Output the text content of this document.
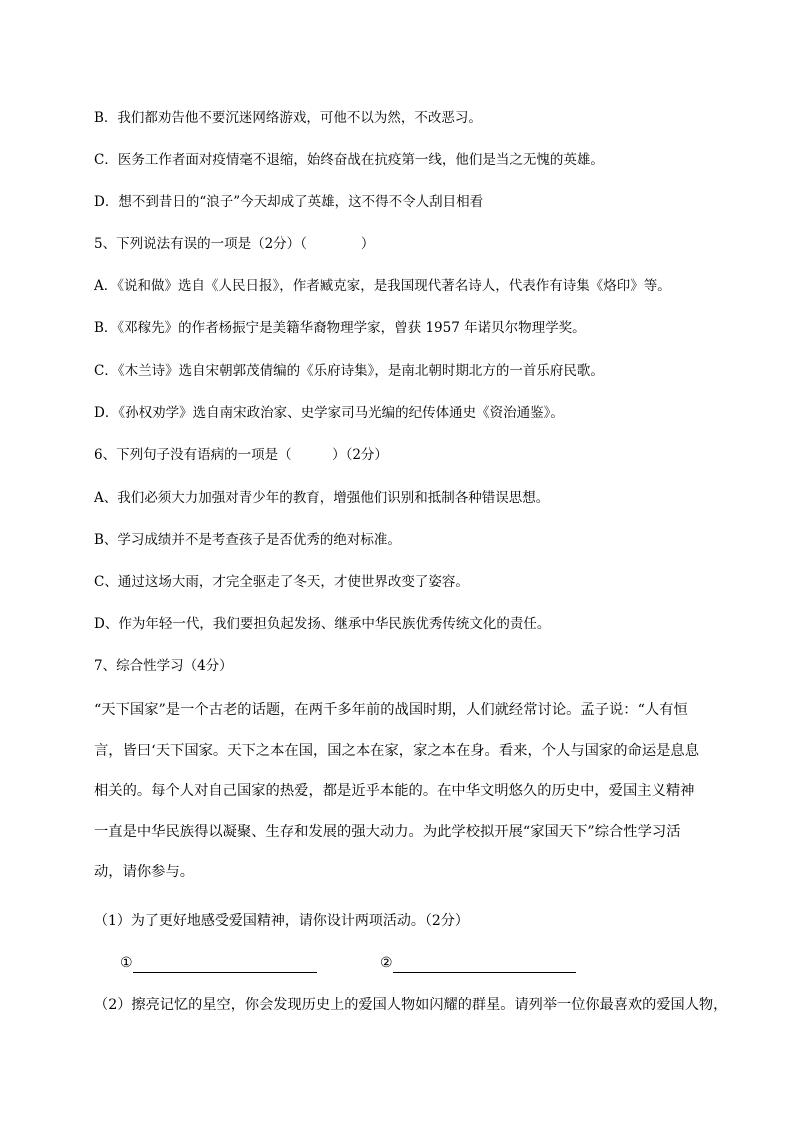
B．我们都劝告他不要沉迷网络游戏，可他不以为然，不改恶习。
C．医务工作者面对疫情毫不退缩，始终奋战在抗疫第一线，他们是当之无愧的英雄。
D．想不到昔日的“浪子”今天却成了英雄，这不得不令人刮目相看
5、下列说法有误的一项是（2分）（　　　　）
A．《说和做》选自《人民日报》，作者臧克家，是我国现代著名诗人，代表作有诗集《烙印》等。
B．《邓稼先》的作者杨振宁是美籍华裔物理学家，曾获 1957 年诺贝尔物理学奖。
C．《木兰诗》选自宋朝郭茂倩编的《乐府诗集》，是南北朝时期北方的一首乐府民歌。
D．《孙权劝学》选自南宋政治家、史学家司马光编的纪传体通史《资治通鉴》。
6、下列句子没有语病的一项是（　　　）（2分）
A、我们必须大力加强对青少年的教育，增强他们识别和抵制各种错误思想。
B、学习成绩并不是考查孩子是否优秀的绝对标准。
C、通过这场大雨，才完全驱走了冬天，才使世界改变了姿容。
D、作为年轻一代，我们要担负起发扬、继承中华民族优秀传统文化的责任。
7、综合性学习（4分）

“天下国家”是一个古老的话题，在两千多年前的战国时期，人们就经常讨论。孟子说：“人有恒言，皆曰‘天下国家。天下之本在国，国之本在家，家之本在身。看来，个人与国家的命运是息息相关的。每个人对自己国家的热爱，都是近乎本能的。在中华文明悠久的历史中，爱国主义精神一直是中华民族得以凝聚、生存和发展的强大动力。为此学校拟开展“家国天下”综合性学习活动，请你参与。

（1）为了更好地感受爱国精神，请你设计两项活动。（2分）
①	②
（2）擦亮记忆的星空，你会发现历史上的爱国人物如闪耀的群星。请列举一位你最喜欢的爱国人物，
